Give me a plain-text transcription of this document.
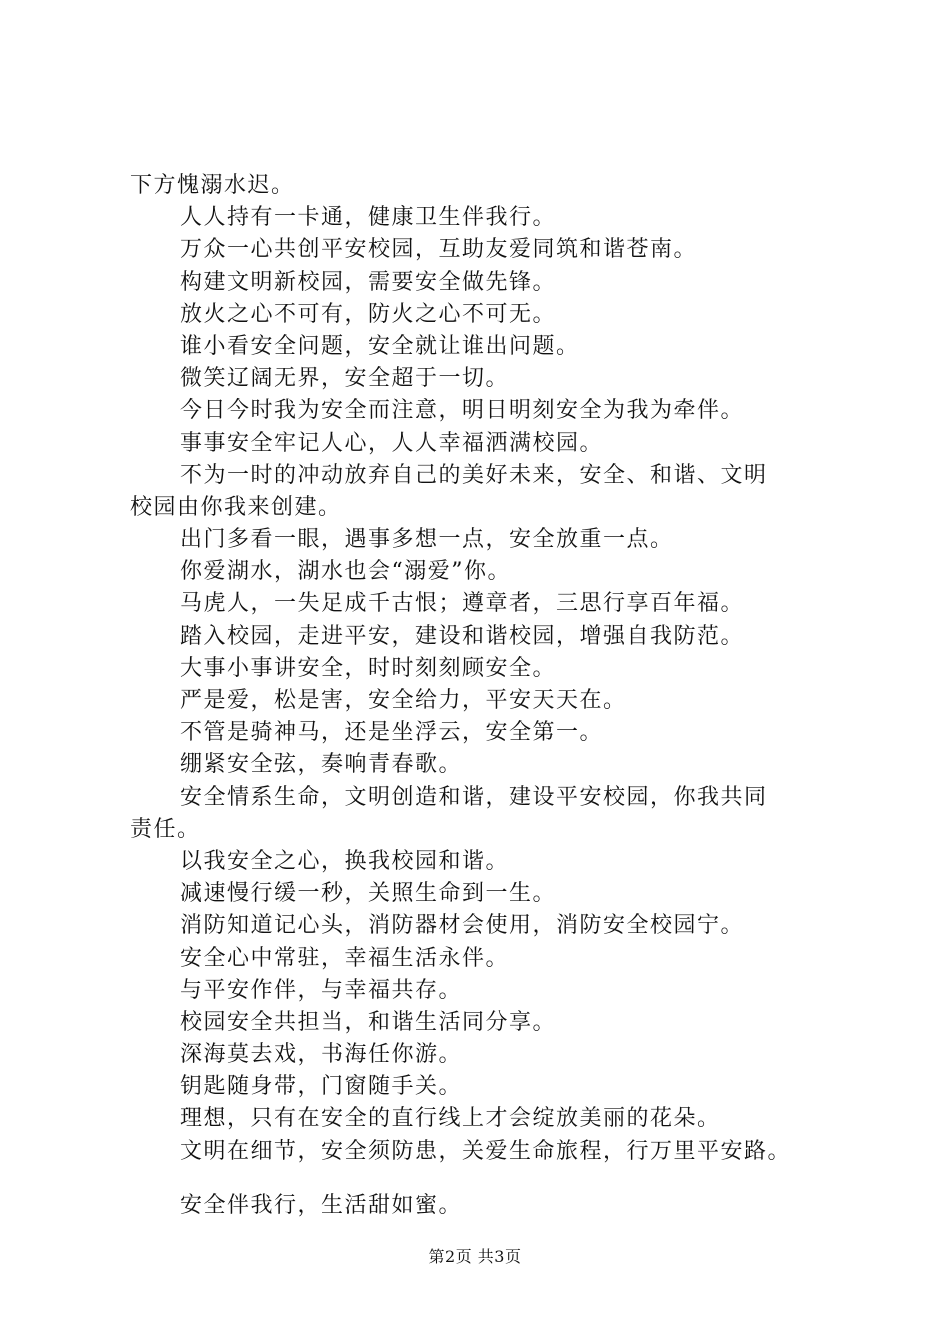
下方愧溺水迟。
人人持有一卡通，健康卫生伴我行。
万众一心共创平安校园，互助友爱同筑和谐苍南。
构建文明新校园，需要安全做先锋。
放火之心不可有，防火之心不可无。
谁小看安全问题，安全就让谁出问题。
微笑辽阔无界，安全超于一切。
今日今时我为安全而注意，明日明刻安全为我为牵伴。
事事安全牢记人心，人人幸福洒满校园。
不为一时的冲动放弃自己的美好未来，安全、和谐、文明
校园由你我来创建。
出门多看一眼，遇事多想一点，安全放重一点。
你爱湖水，湖水也会“溺爱”你。
马虎人，一失足成千古恨；遵章者，三思行享百年福。
踏入校园，走进平安，建设和谐校园，增强自我防范。
大事小事讲安全，时时刻刻顾安全。
严是爱，松是害，安全给力，平安天天在。
不管是骑神马，还是坐浮云，安全第一。
绷紧安全弦，奏响青春歌。
安全情系生命，文明创造和谐，建设平安校园，你我共同
责任。
以我安全之心，换我校园和谐。
减速慢行缓一秒，关照生命到一生。
消防知道记心头，消防器材会使用，消防安全校园宁。
安全心中常驻，幸福生活永伴。
与平安作伴，与幸福共存。
校园安全共担当，和谐生活同分享。
深海莫去戏，书海任你游。
钥匙随身带，门窗随手关。
理想，只有在安全的直行线上才会绽放美丽的花朵。
文明在细节，安全须防患，关爱生命旅程，行万里平安路。
安全伴我行，生活甜如蜜。
第2页 共3页
